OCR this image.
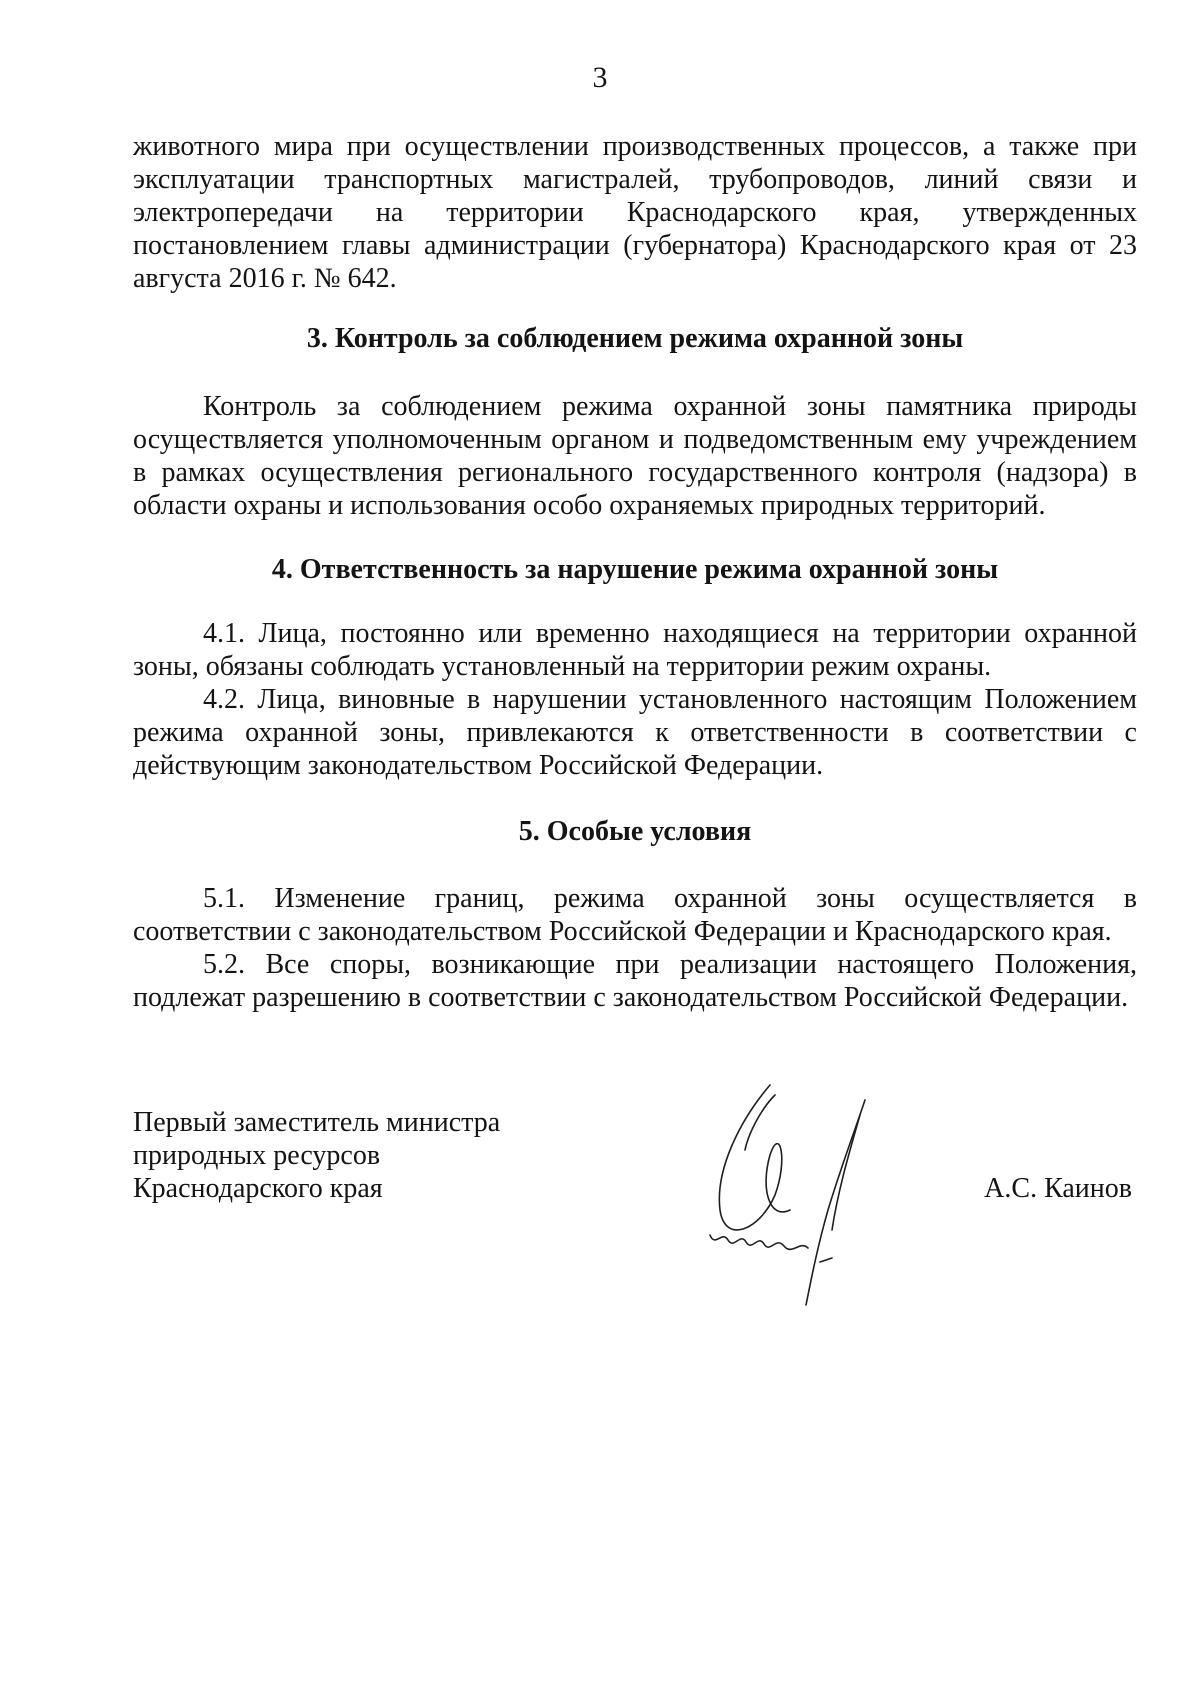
3

животного мира при осуществлении производственных процессов, а также при эксплуатации транспортных магистралей, трубопроводов, линий связи и электропередачи на территории Краснодарского края, утвержденных постановлением главы администрации (губернатора) Краснодарского края от 23 августа 2016 г. № 642.

3. Контроль за соблюдением режима охранной зоны

Контроль за соблюдением режима охранной зоны памятника природы осуществляется уполномоченным органом и подведомственным ему учреждением в рамках осуществления регионального государственного контроля (надзора) в области охраны и использования особо охраняемых природных территорий.

4. Ответственность за нарушение режима охранной зоны

4.1. Лица, постоянно или временно находящиеся на территории охранной зоны, обязаны соблюдать установленный на территории режим охраны.

4.2. Лица, виновные в нарушении установленного настоящим Положением режима охранной зоны, привлекаются к ответственности в соответствии с действующим законодательством Российской Федерации.

5. Особые условия

5.1. Изменение границ, режима охранной зоны осуществляется в соответствии с законодательством Российской Федерации и Краснодарского края.

5.2. Все споры, возникающие при реализации настоящего Положения, подлежат разрешению в соответствии с законодательством Российской Федерации.

Первый заместитель министра
природных ресурсов
Краснодарского края	А.С. Каинов
